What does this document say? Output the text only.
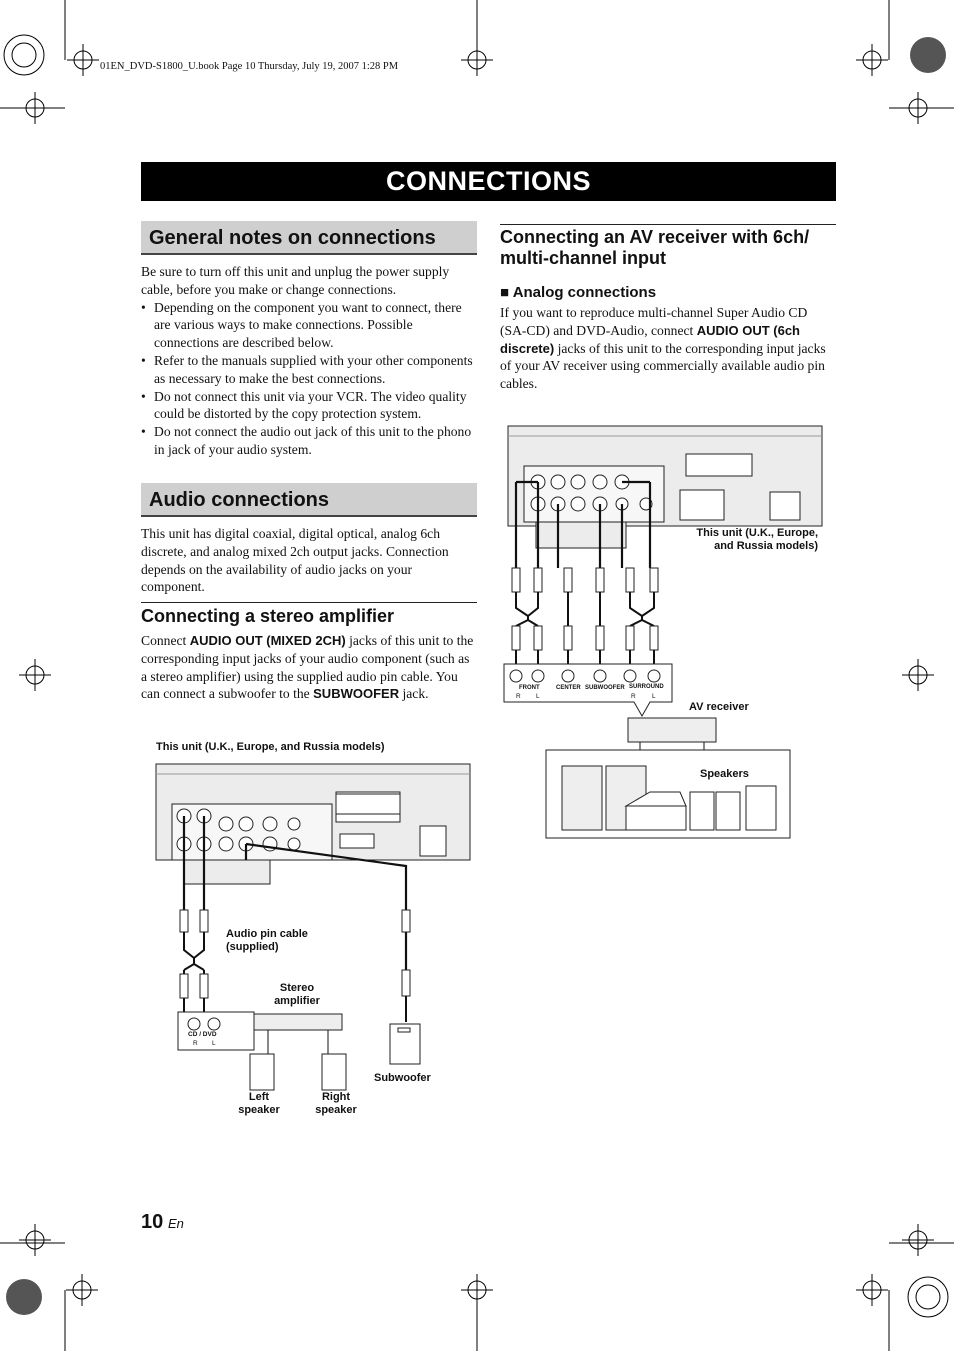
01EN_DVD-S1800_U.book Page 10 Thursday, July 19, 2007 1:28 PM
CONNECTIONS
General notes on connections
Be sure to turn off this unit and unplug the power supply cable, before you make or change connections.
• Depending on the component you want to connect, there are various ways to make connections. Possible connections are described below.
• Refer to the manuals supplied with your other components as necessary to make the best connections.
• Do not connect this unit via your VCR. The video quality could be distorted by the copy protection system.
• Do not connect the audio out jack of this unit to the phono in jack of your audio system.
Audio connections
This unit has digital coaxial, digital optical, analog 6ch discrete, and analog mixed 2ch output jacks. Connection depends on the availability of audio jacks on your component.
Connecting a stereo amplifier
Connect AUDIO OUT (MIXED 2CH) jacks of this unit to the corresponding input jacks of your audio component (such as a stereo amplifier) using the supplied audio pin cable. You can connect a subwoofer to the SUBWOOFER jack.
Connecting an AV receiver with 6ch/
multi-channel input
■ Analog connections
If you want to reproduce multi-channel Super Audio CD (SA-CD) and DVD-Audio, connect AUDIO OUT (6ch discrete) jacks of this unit to the corresponding input jacks of your AV receiver using commercially available audio pin cables.
This unit (U.K., Europe, and Russia models)
Audio pin cable
(supplied)
Stereo
amplifier
CD / DVD
R L
Left
speaker
Right
speaker
Subwoofer
This unit (U.K., Europe,
and Russia models)
FRONT	CENTER SUBWOOFER SURROUND
R L	R	L
AV receiver
Speakers
10 En
